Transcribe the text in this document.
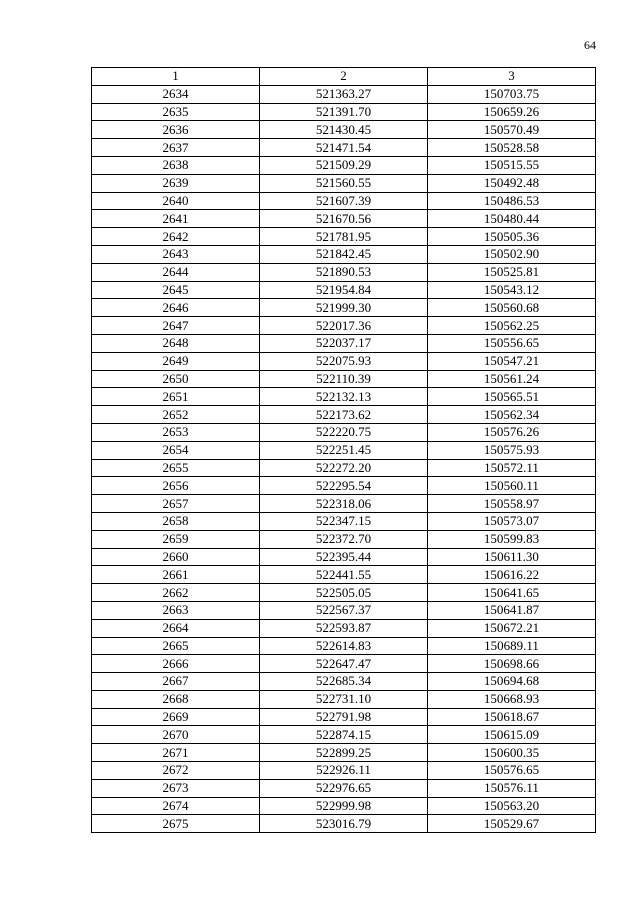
64
1	2	3
2634	521363.27	150703.75
2635	521391.70	150659.26
2636	521430.45	150570.49
2637	521471.54	150528.58
2638	521509.29	150515.55
2639	521560.55	150492.48
2640	521607.39	150486.53
2641	521670.56	150480.44
2642	521781.95	150505.36
2643	521842.45	150502.90
2644	521890.53	150525.81
2645	521954.84	150543.12
2646	521999.30	150560.68
2647	522017.36	150562.25
2648	522037.17	150556.65
2649	522075.93	150547.21
2650	522110.39	150561.24
2651	522132.13	150565.51
2652	522173.62	150562.34
2653	522220.75	150576.26
2654	522251.45	150575.93
2655	522272.20	150572.11
2656	522295.54	150560.11
2657	522318.06	150558.97
2658	522347.15	150573.07
2659	522372.70	150599.83
2660	522395.44	150611.30
2661	522441.55	150616.22
2662	522505.05	150641.65
2663	522567.37	150641.87
2664	522593.87	150672.21
2665	522614.83	150689.11
2666	522647.47	150698.66
2667	522685.34	150694.68
2668	522731.10	150668.93
2669	522791.98	150618.67
2670	522874.15	150615.09
2671	522899.25	150600.35
2672	522926.11	150576.65
2673	522976.65	150576.11
2674	522999.98	150563.20
2675	523016.79	150529.67
